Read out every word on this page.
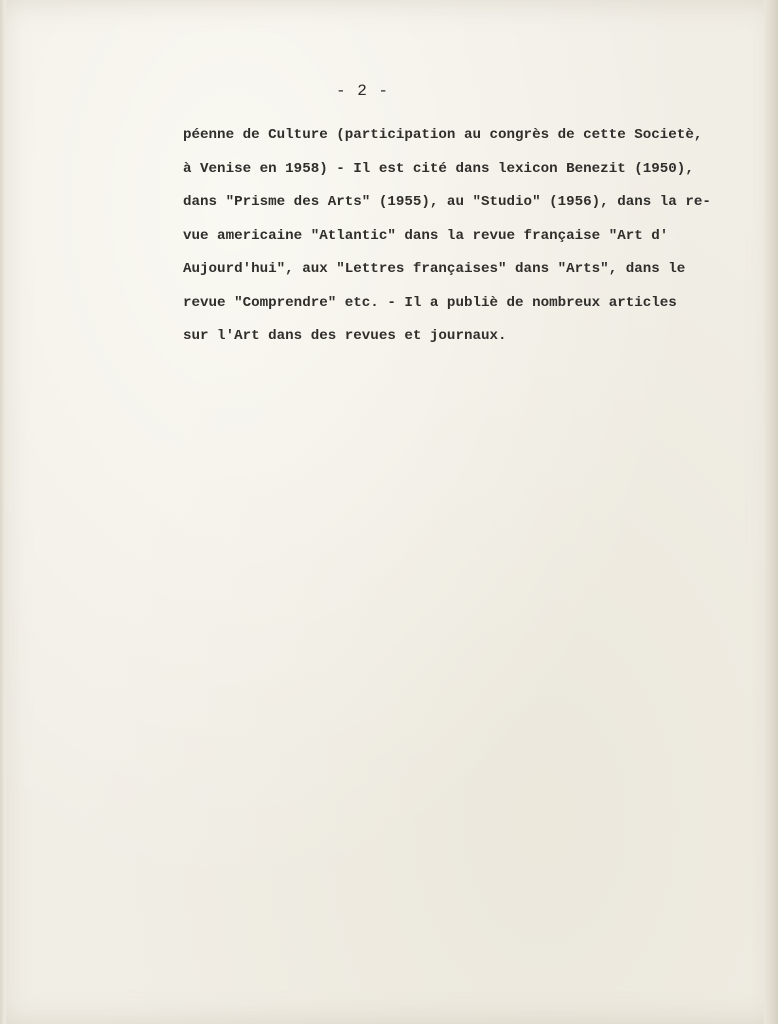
- 2 -
péenne de Culture (participation au congrès de cette Societè,
à Venise en 1958) - Il est cité dans lexicon Benezit (1950),
dans "Prisme des Arts" (1955), au "Studio" (1956), dans la re-
vue americaine "Atlantic" dans la revue française "Art d'
Aujourd'hui", aux "Lettres françaises" dans "Arts", dans le
revue "Comprendre" etc. - Il a publiè de nombreux articles
sur l'Art dans des revues et journaux.
